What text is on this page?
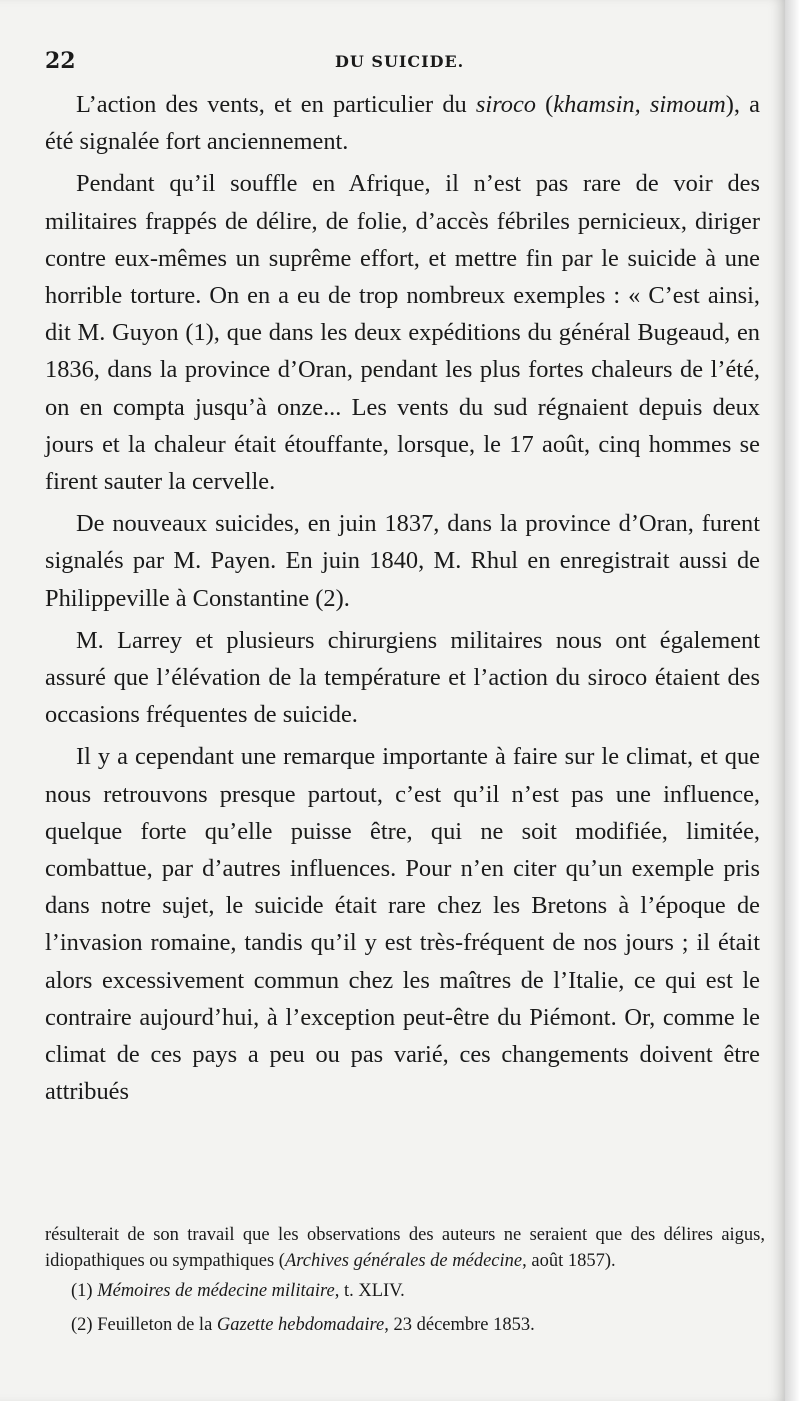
22	DU SUICIDE.

L’action des vents, et en particulier du siroco (khamsin, simoum), a été signalée fort anciennement.

Pendant qu’il souffle en Afrique, il n’est pas rare de voir des militaires frappés de délire, de folie, d’accès fébriles pernicieux, diriger contre eux-mêmes un suprême effort, et mettre fin par le suicide à une horrible torture. On en a eu de trop nombreux exemples : « C’est ainsi, dit M. Guyon (1), que dans les deux expéditions du général Bugeaud, en 1836, dans la province d’Oran, pendant les plus fortes chaleurs de l’été, on en compta jusqu’à onze... Les vents du sud régnaient depuis deux jours et la chaleur était étouffante, lorsque, le 17 août, cinq hommes se firent sauter la cervelle.

De nouveaux suicides, en juin 1837, dans la province d’Oran, furent signalés par M. Payen. En juin 1840, M. Rhul en enregistrait aussi de Philippeville à Constantine (2).

M. Larrey et plusieurs chirurgiens militaires nous ont également assuré que l’élévation de la température et l’action du siroco étaient des occasions fréquentes de suicide.

Il y a cependant une remarque importante à faire sur le climat, et que nous retrouvons presque partout, c’est qu’il n’est pas une influence, quelque forte qu’elle puisse être, qui ne soit modifiée, limitée, combattue, par d’autres influences. Pour n’en citer qu’un exemple pris dans notre sujet, le suicide était rare chez les Bretons à l’époque de l’invasion romaine, tandis qu’il y est très-fréquent de nos jours ; il était alors excessivement commun chez les maîtres de l’Italie, ce qui est le contraire aujourd’hui, à l’exception peut-être du Piémont. Or, comme le climat de ces pays a peu ou pas varié, ces changements doivent être attribués

résulterait de son travail que les observations des auteurs ne seraient que des délires aigus, idiopathiques ou sympathiques (Archives générales de médecine, août 1857).

(1) Mémoires de médecine militaire, t. XLIV.

(2) Feuilleton de la Gazette hebdomadaire, 23 décembre 1853.
